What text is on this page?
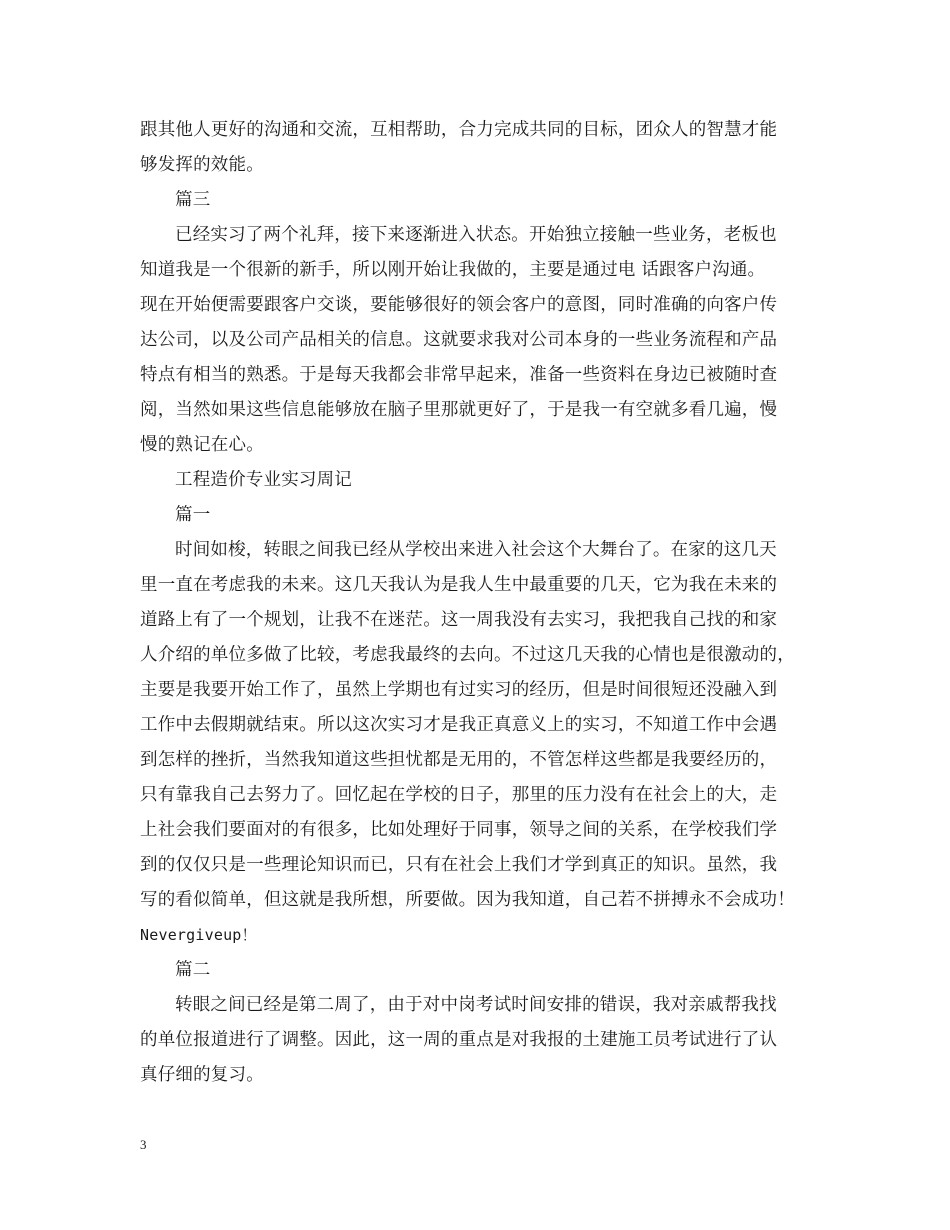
跟其他人更好的沟通和交流，互相帮助，合力完成共同的目标，团众人的智慧才能
够发挥的效能。
篇三
已经实习了两个礼拜，接下来逐渐进入状态。开始独立接触一些业务，老板也
知道我是一个很新的新手，所以刚开始让我做的，主要是通过电 话跟客户沟通。
现在开始便需要跟客户交谈，要能够很好的领会客户的意图，同时准确的向客户传
达公司，以及公司产品相关的信息。这就要求我对公司本身的一些业务流程和产品
特点有相当的熟悉。于是每天我都会非常早起来，准备一些资料在身边已被随时查
阅，当然如果这些信息能够放在脑子里那就更好了，于是我一有空就多看几遍，慢
慢的熟记在心。
工程造价专业实习周记
篇一
时间如梭，转眼之间我已经从学校出来进入社会这个大舞台了。在家的这几天
里一直在考虑我的未来。这几天我认为是我人生中最重要的几天，它为我在未来的
道路上有了一个规划，让我不在迷茫。这一周我没有去实习，我把我自己找的和家
人介绍的单位多做了比较，考虑我最终的去向。不过这几天我的心情也是很激动的，
主要是我要开始工作了，虽然上学期也有过实习的经历，但是时间很短还没融入到
工作中去假期就结束。所以这次实习才是我正真意义上的实习，不知道工作中会遇
到怎样的挫折，当然我知道这些担忧都是无用的，不管怎样这些都是我要经历的，
只有靠我自己去努力了。回忆起在学校的日子，那里的压力没有在社会上的大，走
上社会我们要面对的有很多，比如处理好于同事，领导之间的关系，在学校我们学
到的仅仅只是一些理论知识而已，只有在社会上我们才学到真正的知识。虽然，我
写的看似简单，但这就是我所想，所要做。因为我知道，自己若不拼搏永不会成功！
Nevergiveup！
篇二
转眼之间已经是第二周了，由于对中岗考试时间安排的错误，我对亲戚帮我找
的单位报道进行了调整。因此，这一周的重点是对我报的土建施工员考试进行了认
真仔细的复习。
3
